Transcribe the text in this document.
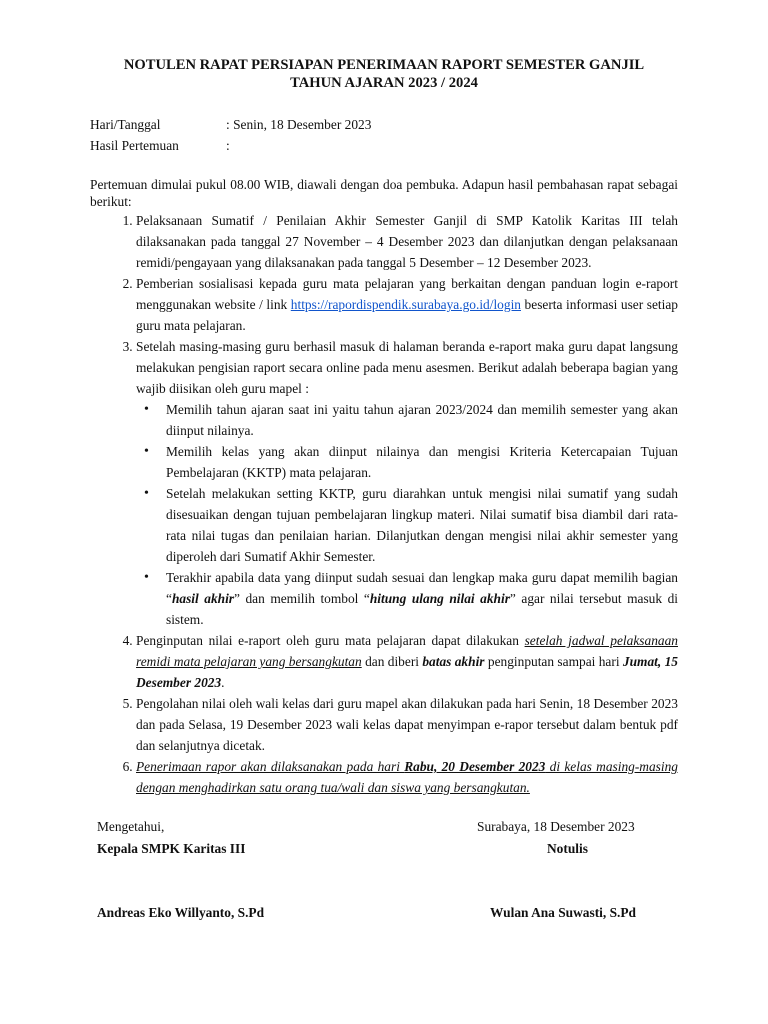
NOTULEN RAPAT PERSIAPAN PENERIMAAN RAPORT SEMESTER GANJIL
TAHUN AJARAN 2023 / 2024

Hari/Tanggal	: Senin, 18 Desember 2023
Hasil Pertemuan	:
Pertemuan dimulai pukul 08.00 WIB, diawali dengan doa pembuka. Adapun hasil pembahasan rapat sebagai berikut:
1. Pelaksanaan Sumatif / Penilaian Akhir Semester Ganjil di SMP Katolik Karitas III telah dilaksanakan pada tanggal 27 November – 4 Desember 2023 dan dilanjutkan dengan pelaksanaan remidi/pengayaan yang dilaksanakan pada tanggal 5 Desember – 12 Desember 2023.
2. Pemberian sosialisasi kepada guru mata pelajaran yang berkaitan dengan panduan login e-raport menggunakan website / link https://rapordispendik.surabaya.go.id/login beserta informasi user setiap guru mata pelajaran.
3. Setelah masing-masing guru berhasil masuk di halaman beranda e-raport maka guru dapat langsung melakukan pengisian raport secara online pada menu asesmen. Berikut adalah beberapa bagian yang wajib diisikan oleh guru mapel :
• Memilih tahun ajaran saat ini yaitu tahun ajaran 2023/2024 dan memilih semester yang akan diinput nilainya.
• Memilih kelas yang akan diinput nilainya dan mengisi Kriteria Ketercapaian Tujuan Pembelajaran (KKTP) mata pelajaran.
• Setelah melakukan setting KKTP, guru diarahkan untuk mengisi nilai sumatif yang sudah disesuaikan dengan tujuan pembelajaran lingkup materi. Nilai sumatif bisa diambil dari rata-rata nilai tugas dan penilaian harian. Dilanjutkan dengan mengisi nilai akhir semester yang diperoleh dari Sumatif Akhir Semester.
• Terakhir apabila data yang diinput sudah sesuai dan lengkap maka guru dapat memilih bagian “hasil akhir” dan memilih tombol “hitung ulang nilai akhir” agar nilai tersebut masuk di sistem.
4. Penginputan nilai e-raport oleh guru mata pelajaran dapat dilakukan setelah jadwal pelaksanaan remidi mata pelajaran yang bersangkutan dan diberi batas akhir penginputan sampai hari Jumat, 15 Desember 2023.
5. Pengolahan nilai oleh wali kelas dari guru mapel akan dilakukan pada hari Senin, 18 Desember 2023 dan pada Selasa, 19 Desember 2023 wali kelas dapat menyimpan e-rapor tersebut dalam bentuk pdf dan selanjutnya dicetak.
6. Penerimaan rapor akan dilaksanakan pada hari Rabu, 20 Desember 2023 di kelas masing-masing dengan menghadirkan satu orang tua/wali dan siswa yang bersangkutan.
Mengetahui,	Surabaya, 18 Desember 2023
Kepala SMPK Karitas III	Notulis
Andreas Eko Willyanto, S.Pd	Wulan Ana Suwasti, S.Pd
